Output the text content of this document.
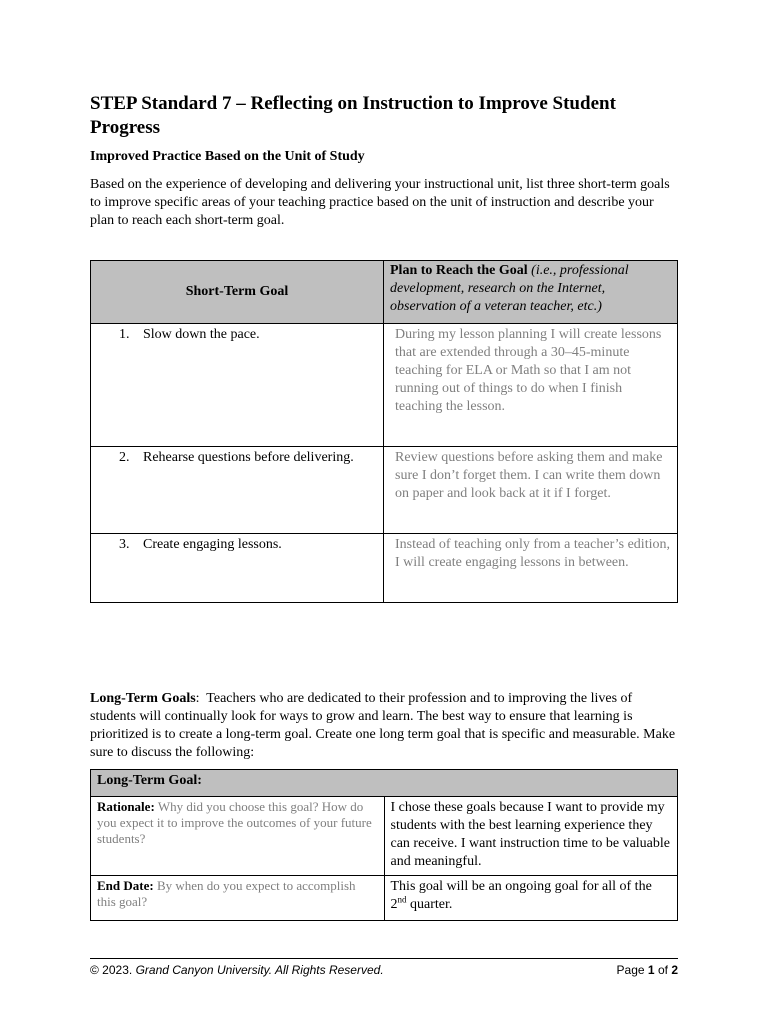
STEP Standard 7 – Reflecting on Instruction to Improve Student Progress

Improved Practice Based on the Unit of Study

Based on the experience of developing and delivering your instructional unit, list three short-term goals to improve specific areas of your teaching practice based on the unit of instruction and describe your plan to reach each short-term goal.

Short-Term Goal	Plan to Reach the Goal (i.e., professional development, research on the Internet, observation of a veteran teacher, etc.)
1. Slow down the pace.	During my lesson planning I will create lessons that are extended through a 30–45-minute teaching for ELA or Math so that I am not running out of things to do when I finish teaching the lesson.
2. Rehearse questions before delivering.	Review questions before asking them and make sure I don’t forget them. I can write them down on paper and look back at it if I forget.
3. Create engaging lessons.	Instead of teaching only from a teacher’s edition, I will create engaging lessons in between.

Long-Term Goals:  Teachers who are dedicated to their profession and to improving the lives of students will continually look for ways to grow and learn. The best way to ensure that learning is prioritized is to create a long-term goal. Create one long term goal that is specific and measurable. Make sure to discuss the following:

Long-Term Goal:	
Rationale: Why did you choose this goal? How do you expect it to improve the outcomes of your future students?	I chose these goals because I want to provide my students with the best learning experience they can receive. I want instruction time to be valuable and meaningful.
End Date: By when do you expect to accomplish this goal?	This goal will be an ongoing goal for all of the 2nd quarter.
© 2023. Grand Canyon University. All Rights Reserved.	Page 1 of 2
